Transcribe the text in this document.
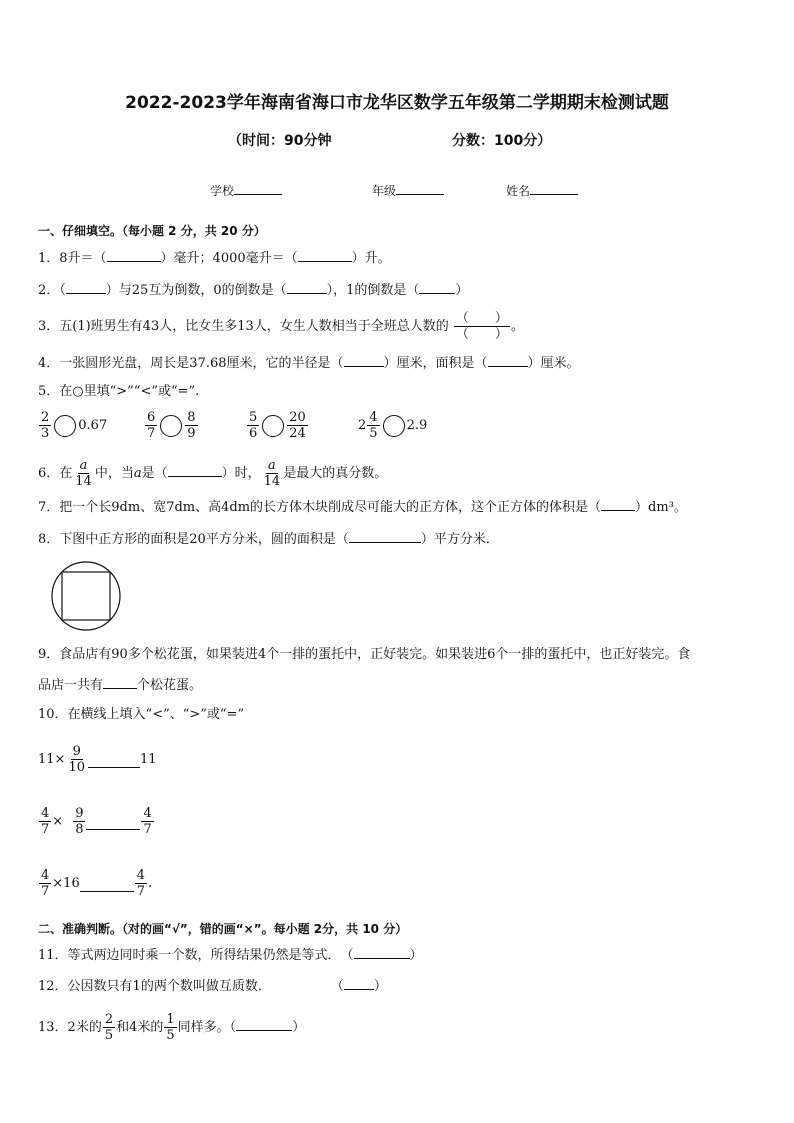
2022-2023学年海南省海口市龙华区数学五年级第二学期期末检测试题
（时间：90分钟	分数：100分）
学校	年级	姓名
一、仔细填空。（每小题 2 分，共 20 分）
1．8升＝（	）毫升；4000毫升＝（	）升。
2．（	）与25互为倒数，0的倒数是（	），1的倒数是（	）
3．五(1)班男生有43人，比女生多13人，女生人数相当于全班总人数的 $\frac{( )}{( )}$ 。
4．一张圆形光盘，周长是37.68厘米，它的半径是（	）厘米，面积是（	）厘米。
5．在○里填“>”“<”或“=”.
$\frac{2}{3} 0.67$	$\frac{6}{7} \frac{8}{9}$	$\frac{5}{6} \frac{20}{24}$	$2 \frac{4}{5} 2.9$
6．在 $\frac{a}{14}$ 中，当a是（	）时， $\frac{a}{14}$ 是最大的真分数。
7．把一个长9dm、宽7dm、高4dm的长方体木块削成尽可能大的正方体，这个正方体的体积是（	）dm³。
8．下图中正方形的面积是20平方分米，圆的面积是（	）平方分米．
9．食品店有90多个松花蛋，如果装进4个一排的蛋托中，正好装完。如果装进6个一排的蛋托中，也正好装完。食
品店一共有	个松花蛋。
10．在横线上填入“<”、“>”或“=”
$11\times \frac{9}{10}$	11
$\frac{4}{7} \times \frac{9}{8}$	$\frac{4}{7}$
$\frac{4}{7} \times 16$	$\frac{4}{7}$ .
二、准确判断。（对的画“√”，错的画“×”。每小题 2分，共 10 分）
11．等式两边同时乘一个数，所得结果仍然是等式．　（	）
12．公因数只有1的两个数叫做互质数．	（ ）
13．2米的 $\frac{2}{5}$ 和4米的 $\frac{1}{5}$ 同样多。（	）
